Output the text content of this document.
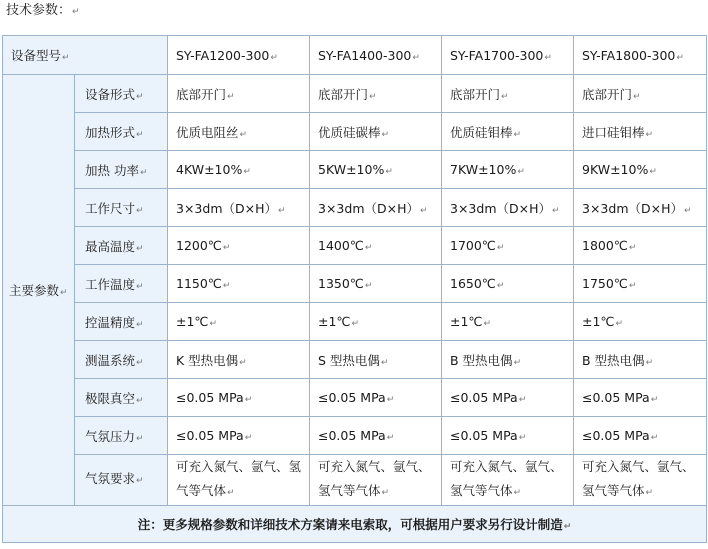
技术参数：↵
设备型号↵		SY-FA1200-300↵	SY-FA1400-300↵	SY-FA1700-300↵	SY-FA1800-300↵
主要参数↵	设备形式↵	底部开门↵	底部开门↵	底部开门↵	底部开门↵
	加热形式↵	优质电阻丝↵	优质硅碳棒↵	优质硅钼棒↵	进口硅钼棒↵
	加热 功率↵	4KW±10%↵	5KW±10%↵	7KW±10%↵	9KW±10%↵
	工作尺寸↵	3×3dm（D×H）↵	3×3dm（D×H）↵	3×3dm（D×H）↵	3×3dm（D×H）↵
	最高温度↵	1200℃↵	1400℃↵	1700℃↵	1800℃↵
	工作温度↵	1150℃↵	1350℃↵	1650℃↵	1750℃↵
	控温精度↵	±1℃↵	±1℃↵	±1℃↵	±1℃↵
	测温系统↵	K 型热电偶↵	S 型热电偶↵	B 型热电偶↵	B 型热电偶↵
	极限真空↵	≤0.05 MPa↵	≤0.05 MPa↵	≤0.05 MPa↵	≤0.05 MPa↵
	气氛压力↵	≤0.05 MPa↵	≤0.05 MPa↵	≤0.05 MPa↵	≤0.05 MPa↵
	气氛要求↵	可充入氮气、氩气、氢气等气体↵	可充入氮气、氩气、氢气等气体↵	可充入氮气、氩气、氢气等气体↵	可充入氮气、氩气、氢气等气体↵
注：更多规格参数和详细技术方案请来电索取，可根据用户要求另行设计制造↵					
